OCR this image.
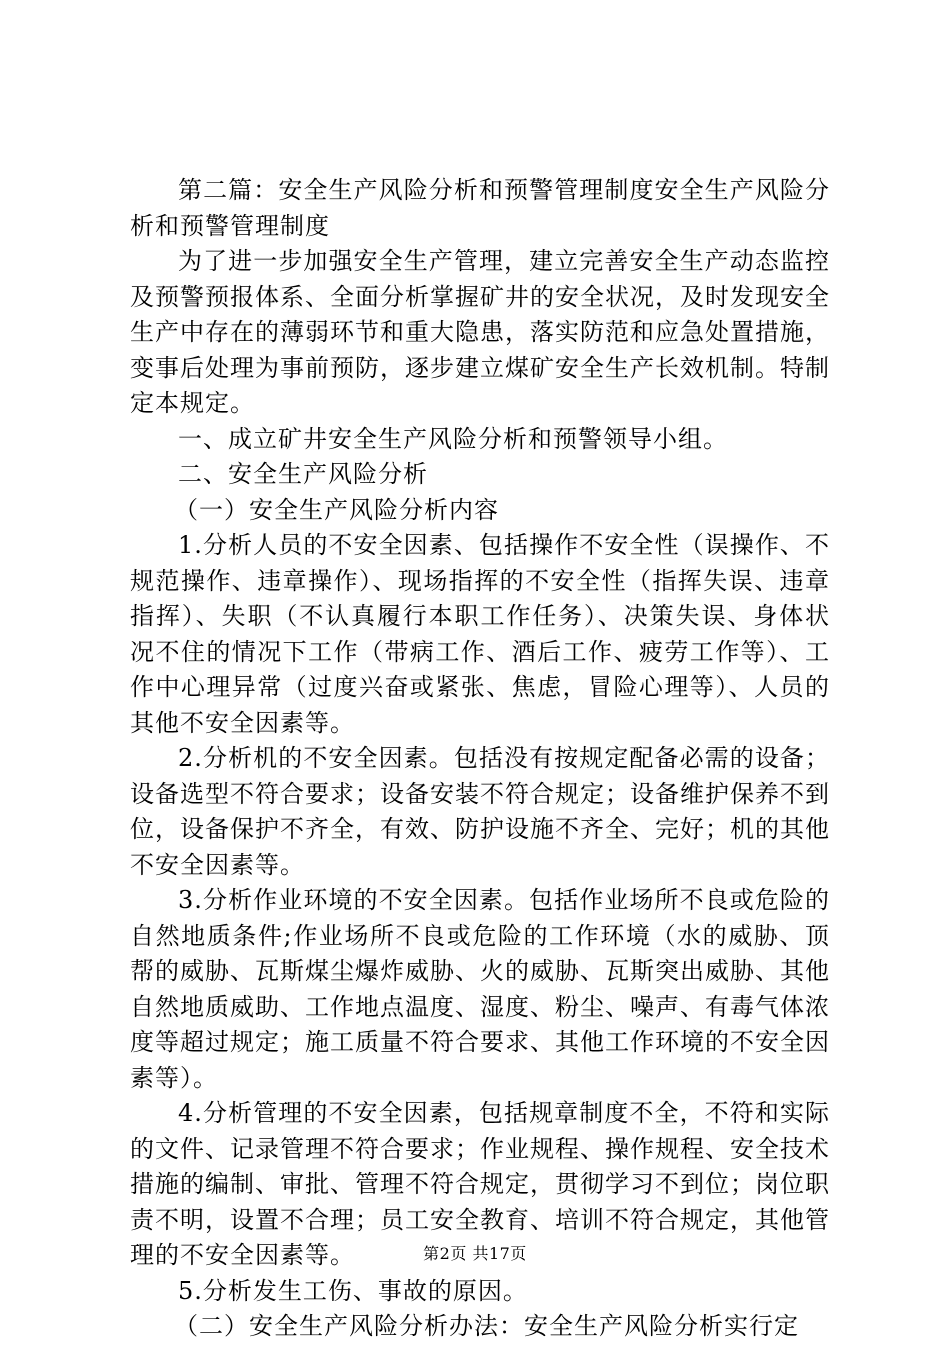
第二篇：安全生产风险分析和预警管理制度安全生产风险分析和预警管理制度

为了进一步加强安全生产管理，建立完善安全生产动态监控及预警预报体系、全面分析掌握矿井的安全状况，及时发现安全生产中存在的薄弱环节和重大隐患，落实防范和应急处置措施，变事后处理为事前预防，逐步建立煤矿安全生产长效机制。特制定本规定。

一、成立矿井安全生产风险分析和预警领导小组。

二、安全生产风险分析

（一）安全生产风险分析内容

1.分析人员的不安全因素、包括操作不安全性（误操作、不规范操作、违章操作）、现场指挥的不安全性（指挥失误、违章指挥）、失职（不认真履行本职工作任务）、决策失误、身体状况不住的情况下工作（带病工作、酒后工作、疲劳工作等）、工作中心理异常（过度兴奋或紧张、焦虑，冒险心理等）、人员的其他不安全因素等。

2.分析机的不安全因素。包括没有按规定配备必需的设备；设备选型不符合要求；设备安装不符合规定；设备维护保养不到位，设备保护不齐全，有效、防护设施不齐全、完好；机的其他不安全因素等。

3.分析作业环境的不安全因素。包括作业场所不良或危险的自然地质条件;作业场所不良或危险的工作环境（水的威胁、顶帮的威胁、瓦斯煤尘爆炸威胁、火的威胁、瓦斯突出威胁、其他自然地质威助、工作地点温度、湿度、粉尘、噪声、有毒气体浓度等超过规定；施工质量不符合要求、其他工作环境的不安全因素等）。

4.分析管理的不安全因素，包括规章制度不全，不符和实际的文件、记录管理不符合要求；作业规程、操作规程、安全技术措施的编制、审批、管理不符合规定，贯彻学习不到位；岗位职责不明，设置不合理；员工安全教育、培训不符合规定，其他管理的不安全因素等。

5.分析发生工伤、事故的原因。

（二）安全生产风险分析办法：安全生产风险分析实行定

第2页 共17页
